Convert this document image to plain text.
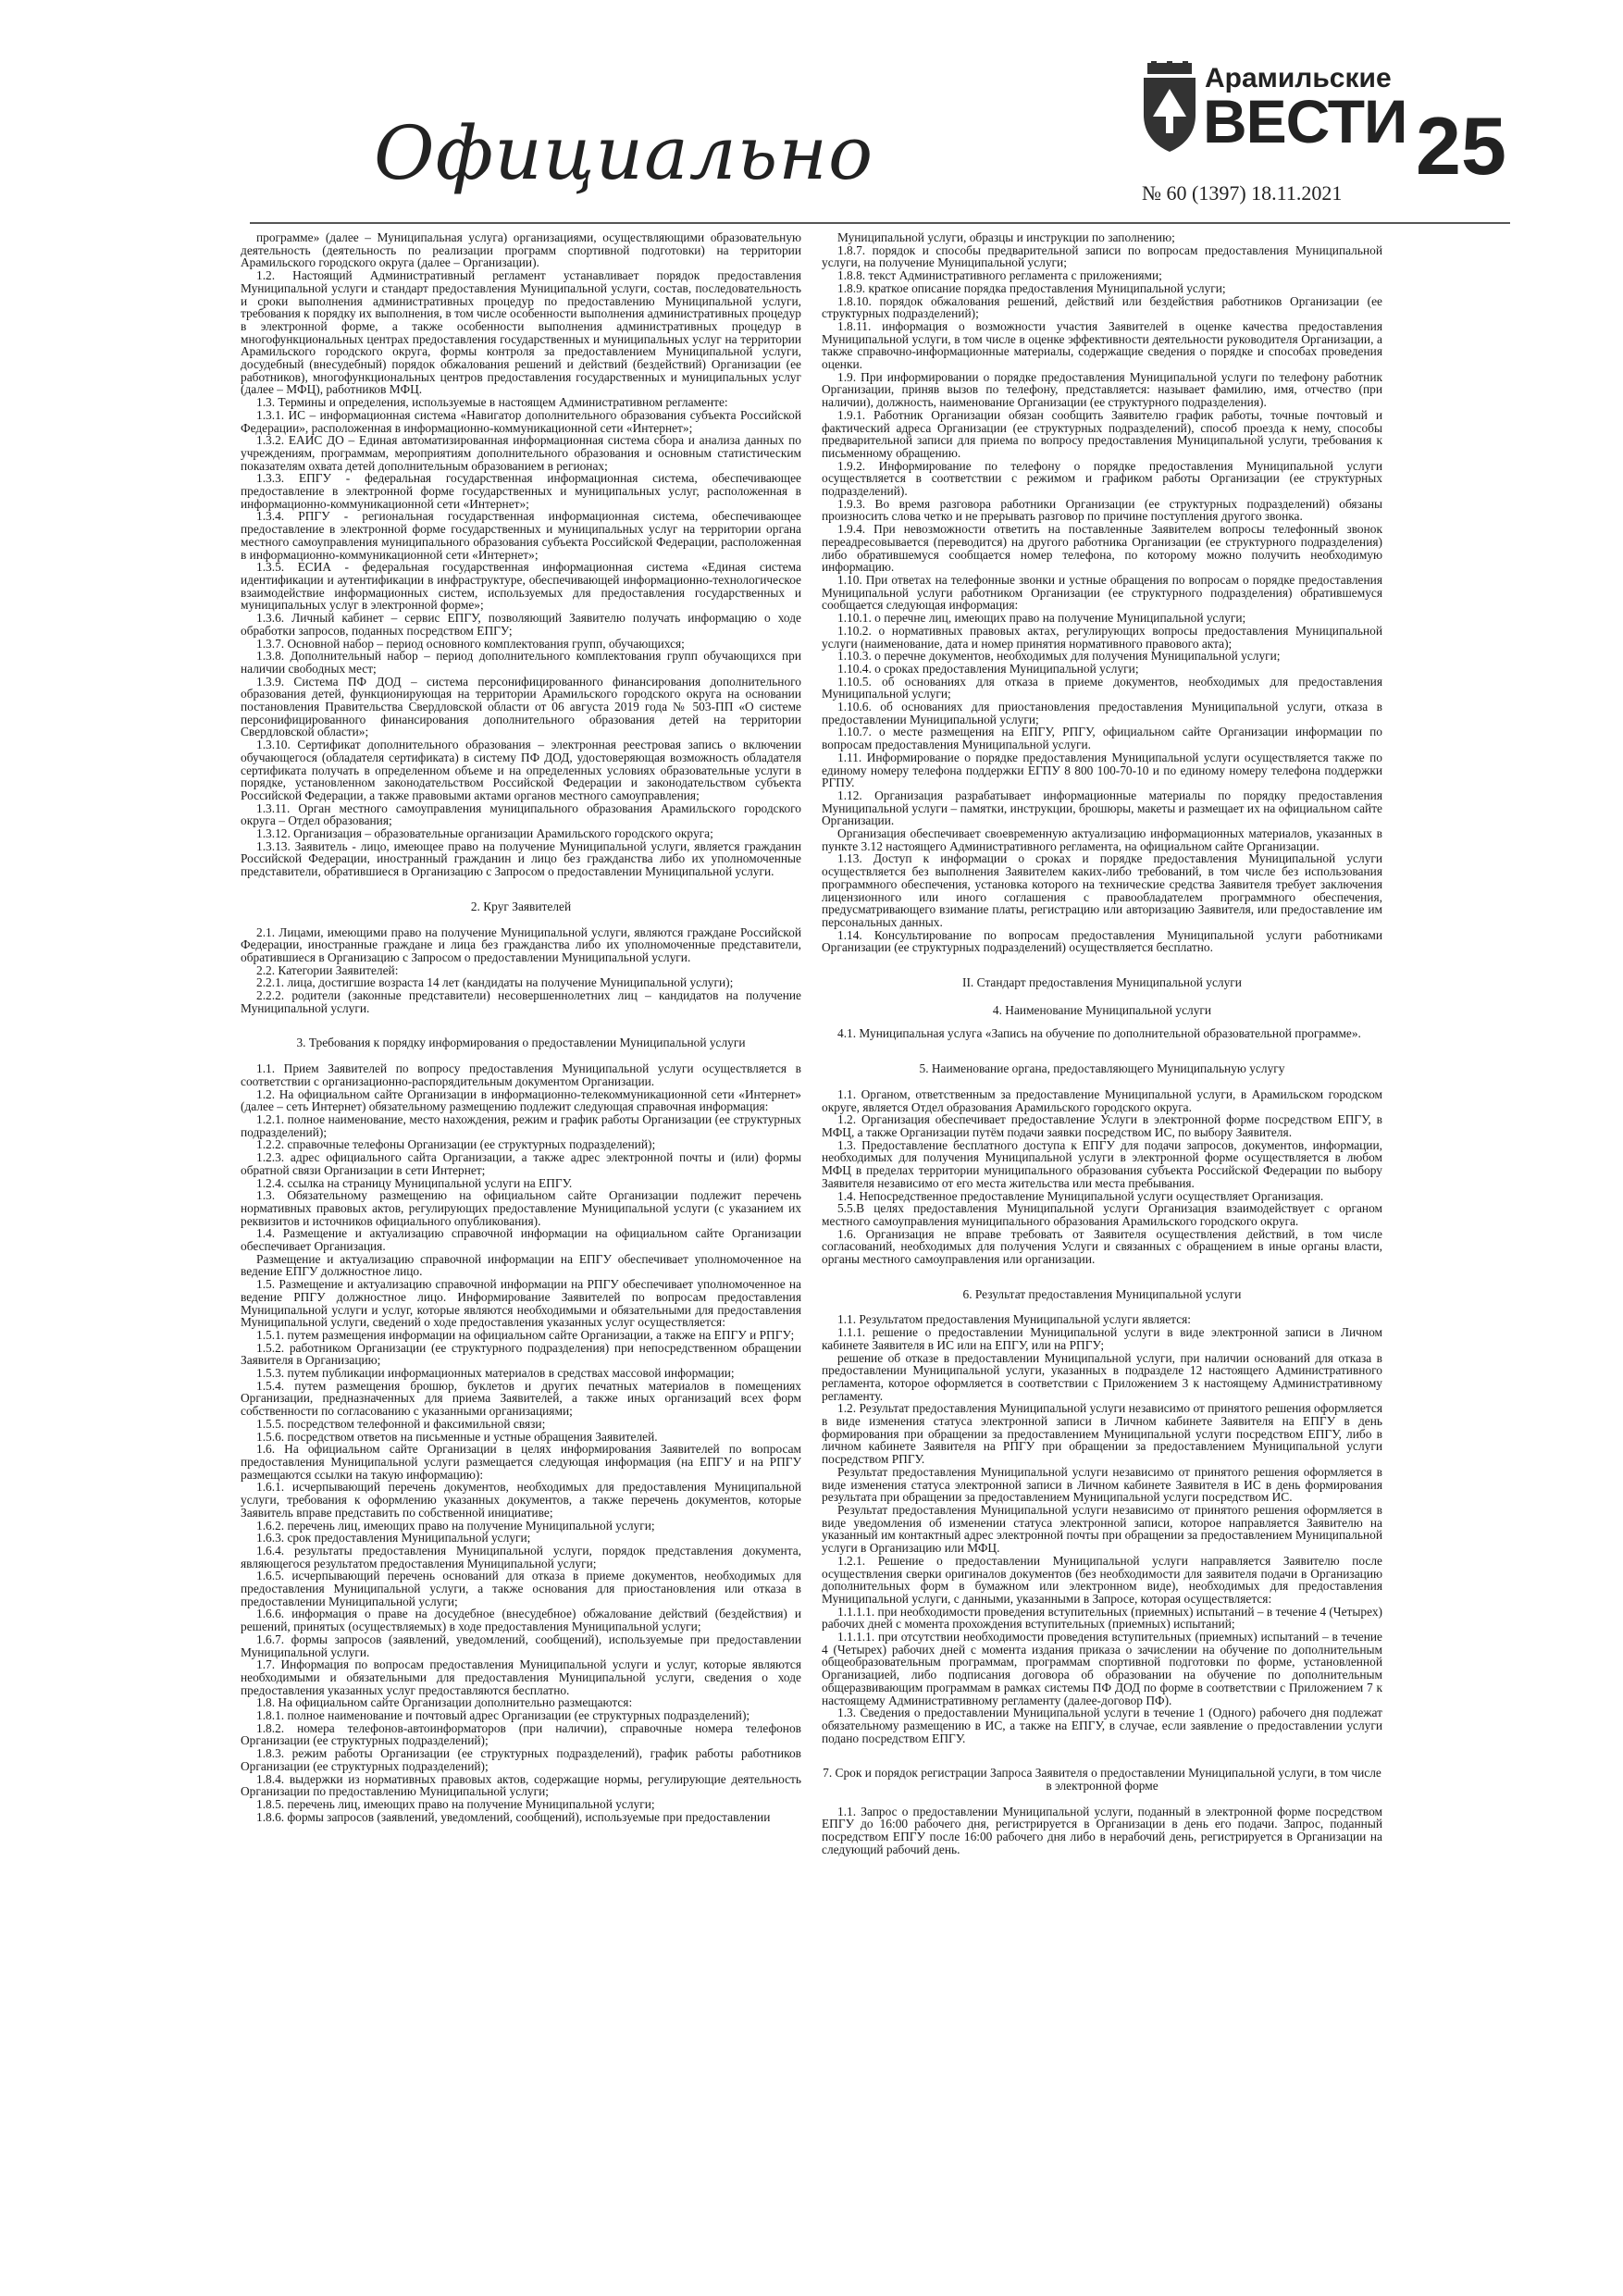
Официально
Арамильские
ВЕСТИ
№ 60 (1397) 18.11.2021
25

программе» (далее – Муниципальная услуга) организациями, осуществляющими образовательную деятельность (деятельность по реализации программ спортивной подготовки) на территории Арамильского городского округа (далее – Организации).

1.2. Настоящий Административный регламент устанавливает порядок предоставления Муниципальной услуги и стандарт предоставления Муниципальной услуги, состав, последовательность и сроки выполнения административных процедур по предоставлению Муниципальной услуги, требования к порядку их выполнения, в том числе особенности выполнения административных процедур в электронной форме, а также особенности выполнения административных процедур в многофункциональных центрах предоставления государственных и муниципальных услуг на территории Арамильского городского округа, формы контроля за предоставлением Муниципальной услуги, досудебный (внесудебный) порядок обжалования решений и действий (бездействий) Организации (ее работников), многофункциональных центров предоставления государственных и муниципальных услуг (далее – МФЦ), работников МФЦ.

1.3. Термины и определения, используемые в настоящем Административном регламенте:

1.3.1. ИС – информационная система «Навигатор дополнительного образования субъекта Российской Федерации», расположенная в информационно-коммуникационной сети «Интернет»;

1.3.2. ЕАИС ДО – Единая автоматизированная информационная система сбора и анализа данных по учреждениям, программам, мероприятиям дополнительного образования и основным статистическим показателям охвата детей дополнительным образованием в регионах;

1.3.3. ЕПГУ - федеральная государственная информационная система, обеспечивающее предоставление в электронной форме государственных и муниципальных услуг, расположенная в информационно-коммуникационной сети «Интернет»;

1.3.4. РПГУ - региональная государственная информационная система, обеспечивающее предоставление в электронной форме государственных и муниципальных услуг на территории органа местного самоуправления муниципального образования субъекта Российской Федерации, расположенная в информационно-коммуникационной сети «Интернет»;

1.3.5. ЕСИА - федеральная государственная информационная система «Единая система идентификации и аутентификации в инфраструктуре, обеспечивающей информационно-технологическое взаимодействие информационных систем, используемых для предоставления государственных и муниципальных услуг в электронной форме»;

1.3.6. Личный кабинет – сервис ЕПГУ, позволяющий Заявителю получать информацию о ходе обработки запросов, поданных посредством ЕПГУ;

1.3.7. Основной набор – период основного комплектования групп, обучающихся;

1.3.8. Дополнительный набор – период дополнительного комплектования групп обучающихся при наличии свободных мест;

1.3.9. Система ПФ ДОД – система персонифицированного финансирования дополнительного образования детей, функционирующая на территории Арамильского городского округа на основании постановления Правительства Свердловской области от 06 августа 2019 года № 503-ПП «О системе персонифицированного финансирования дополнительного образования детей на территории Свердловской области»;

1.3.10. Сертификат дополнительного образования – электронная реестровая запись о включении обучающегося (обладателя сертификата) в систему ПФ ДОД, удостоверяющая возможность обладателя сертификата получать в определенном объеме и на определенных условиях образовательные услуги в порядке, установленном законодательством Российской Федерации и законодательством субъекта Российской Федерации, а также правовыми актами органов местного самоуправления;

1.3.11. Орган местного самоуправления муниципального образования Арамильского городского округа – Отдел образования;

1.3.12. Организация – образовательные организации Арамильского городского округа;

1.3.13. Заявитель - лицо, имеющее право на получение Муниципальной услуги, является гражданин Российской Федерации, иностранный гражданин и лицо без гражданства либо их уполномоченные представители, обратившиеся в Организацию с Запросом о предоставлении Муниципальной услуги.

2. Круг Заявителей

2.1. Лицами, имеющими право на получение Муниципальной услуги, являются граждане Российской Федерации, иностранные граждане и лица без гражданства либо их уполномоченные представители, обратившиеся в Организацию с Запросом о предоставлении Муниципальной услуги.

2.2. Категории Заявителей:

2.2.1. лица, достигшие возраста 14 лет (кандидаты на получение Муниципальной услуги);

2.2.2. родители (законные представители) несовершеннолетних лиц – кандидатов на получение Муниципальной услуги.

3. Требования к порядку информирования о предоставлении Муниципальной услуги

1.1. Прием Заявителей по вопросу предоставления Муниципальной услуги осуществляется в соответствии с организационно-распорядительным документом Организации.

1.2. На официальном сайте Организации в информационно-телекоммуникационной сети «Интернет» (далее – сеть Интернет) обязательному размещению подлежит следующая справочная информация:

1.2.1. полное наименование, место нахождения, режим и график работы Организации (ее структурных подразделений);

1.2.2. справочные телефоны Организации (ее структурных подразделений);

1.2.3. адрес официального сайта Организации, а также адрес электронной почты и (или) формы обратной связи Организации в сети Интернет;

1.2.4. ссылка на страницу Муниципальной услуги на ЕПГУ.

1.3. Обязательному размещению на официальном сайте Организации подлежит перечень нормативных правовых актов, регулирующих предоставление Муниципальной услуги (с указанием их реквизитов и источников официального опубликования).

1.4. Размещение и актуализацию справочной информации на официальном сайте Организации обеспечивает Организация.

Размещение и актуализацию справочной информации на ЕПГУ обеспечивает уполномоченное на ведение ЕПГУ должностное лицо.

1.5. Размещение и актуализацию справочной информации на РПГУ обеспечивает уполномоченное на ведение РПГУ должностное лицо. Информирование Заявителей по вопросам предоставления Муниципальной услуги и услуг, которые являются необходимыми и обязательными для предоставления Муниципальной услуги, сведений о ходе предоставления указанных услуг осуществляется:

1.5.1. путем размещения информации на официальном сайте Организации, а также на ЕПГУ и РПГУ;

1.5.2. работником Организации (ее структурного подразделения) при непосредственном обращении Заявителя в Организацию;

1.5.3. путем публикации информационных материалов в средствах массовой информации;

1.5.4. путем размещения брошюр, буклетов и других печатных материалов в помещениях Организации, предназначенных для приема Заявителей, а также иных организаций всех форм собственности по согласованию с указанными организациями;

1.5.5. посредством телефонной и факсимильной связи;

1.5.6. посредством ответов на письменные и устные обращения Заявителей.

1.6. На официальном сайте Организации в целях информирования Заявителей по вопросам предоставления Муниципальной услуги размещается следующая информация (на ЕПГУ и на РПГУ размещаются ссылки на такую информацию):

1.6.1. исчерпывающий перечень документов, необходимых для предоставления Муниципальной услуги, требования к оформлению указанных документов, а также перечень документов, которые Заявитель вправе представить по собственной инициативе;

1.6.2. перечень лиц, имеющих право на получение Муниципальной услуги;

1.6.3. срок предоставления Муниципальной услуги;

1.6.4. результаты предоставления Муниципальной услуги, порядок представления документа, являющегося результатом предоставления Муниципальной услуги;

1.6.5. исчерпывающий перечень оснований для отказа в приеме документов, необходимых для предоставления Муниципальной услуги, а также основания для приостановления или отказа в предоставлении Муниципальной услуги;

1.6.6. информация о праве на досудебное (внесудебное) обжалование действий (бездействия) и решений, принятых (осуществляемых) в ходе предоставления Муниципальной услуги;

1.6.7. формы запросов (заявлений, уведомлений, сообщений), используемые при предоставлении Муниципальной услуги.

1.7. Информация по вопросам предоставления Муниципальной услуги и услуг, которые являются необходимыми и обязательными для предоставления Муниципальной услуги, сведения о ходе предоставления указанных услуг предоставляются бесплатно.

1.8. На официальном сайте Организации дополнительно размещаются:

1.8.1. полное наименование и почтовый адрес Организации (ее структурных подразделений);

1.8.2. номера телефонов-автоинформаторов (при наличии), справочные номера телефонов Организации (ее структурных подразделений);

1.8.3. режим работы Организации (ее структурных подразделений), график работы работников Организации (ее структурных подразделений);

1.8.4. выдержки из нормативных правовых актов, содержащие нормы, регулирующие деятельность Организации по предоставлению Муниципальной услуги;

1.8.5. перечень лиц, имеющих право на получение Муниципальной услуги;

1.8.6. формы запросов (заявлений, уведомлений, сообщений), используемые при предоставлении

Муниципальной услуги, образцы и инструкции по заполнению;

1.8.7. порядок и способы предварительной записи по вопросам предоставления Муниципальной услуги, на получение Муниципальной услуги;

1.8.8. текст Административного регламента с приложениями;

1.8.9. краткое описание порядка предоставления Муниципальной услуги;

1.8.10. порядок обжалования решений, действий или бездействия работников Организации (ее структурных подразделений);

1.8.11. информация о возможности участия Заявителей в оценке качества предоставления Муниципальной услуги, в том числе в оценке эффективности деятельности руководителя Организации, а также справочно-информационные материалы, содержащие сведения о порядке и способах проведения оценки.

1.9. При информировании о порядке предоставления Муниципальной услуги по телефону работник Организации, приняв вызов по телефону, представляется: называет фамилию, имя, отчество (при наличии), должность, наименование Организации (ее структурного подразделения).

1.9.1. Работник Организации обязан сообщить Заявителю график работы, точные почтовый и фактический адреса Организации (ее структурных подразделений), способ проезда к нему, способы предварительной записи для приема по вопросу предоставления Муниципальной услуги, требования к письменному обращению.

1.9.2. Информирование по телефону о порядке предоставления Муниципальной услуги осуществляется в соответствии с режимом и графиком работы Организации (ее структурных подразделений).

1.9.3. Во время разговора работники Организации (ее структурных подразделений) обязаны произносить слова четко и не прерывать разговор по причине поступления другого звонка.

1.9.4. При невозможности ответить на поставленные Заявителем вопросы телефонный звонок переадресовывается (переводится) на другого работника Организации (ее структурного подразделения) либо обратившемуся сообщается номер телефона, по которому можно получить необходимую информацию.

1.10. При ответах на телефонные звонки и устные обращения по вопросам о порядке предоставления Муниципальной услуги работником Организации (ее структурного подразделения) обратившемуся сообщается следующая информация:

1.10.1. о перечне лиц, имеющих право на получение Муниципальной услуги;

1.10.2. о нормативных правовых актах, регулирующих вопросы предоставления Муниципальной услуги (наименование, дата и номер принятия нормативного правового акта);

1.10.3. о перечне документов, необходимых для получения Муниципальной услуги;

1.10.4. о сроках предоставления Муниципальной услуги;

1.10.5. об основаниях для отказа в приеме документов, необходимых для предоставления Муниципальной услуги;

1.10.6. об основаниях для приостановления предоставления Муниципальной услуги, отказа в предоставлении Муниципальной услуги;

1.10.7. о месте размещения на ЕПГУ, РПГУ, официальном сайте Организации информации по вопросам предоставления Муниципальной услуги.

1.11. Информирование о порядке предоставления Муниципальной услуги осуществляется также по единому номеру телефона поддержки ЕГПУ 8 800 100-70-10 и по единому номеру телефона поддержки РГПУ.

1.12. Организация разрабатывает информационные материалы по порядку предоставления Муниципальной услуги – памятки, инструкции, брошюры, макеты и размещает их на официальном сайте Организации.

Организация обеспечивает своевременную актуализацию информационных материалов, указанных в пункте 3.12 настоящего Административного регламента, на официальном сайте Организации.

1.13. Доступ к информации о сроках и порядке предоставления Муниципальной услуги осуществляется без выполнения Заявителем каких-либо требований, в том числе без использования программного обеспечения, установка которого на технические средства Заявителя требует заключения лицензионного или иного соглашения с правообладателем программного обеспечения, предусматривающего взимание платы, регистрацию или авторизацию Заявителя, или предоставление им персональных данных.

1.14. Консультирование по вопросам предоставления Муниципальной услуги работниками Организации (ее структурных подразделений) осуществляется бесплатно.

II. Стандарт предоставления Муниципальной услуги

4. Наименование Муниципальной услуги

4.1. Муниципальная услуга «Запись на обучение по дополнительной образовательной программе».

5. Наименование органа, предоставляющего Муниципальную услугу

1.1. Органом, ответственным за предоставление Муниципальной услуги, в Арамильском городском округе, является Отдел образования Арамильского городского округа.

1.2. Организация обеспечивает предоставление Услуги в электронной форме посредством ЕПГУ, в МФЦ, а также Организации путём подачи заявки посредством ИС, по выбору Заявителя.

1.3. Предоставление бесплатного доступа к ЕПГУ для подачи запросов, документов, информации, необходимых для получения Муниципальной услуги в электронной форме осуществляется в любом МФЦ в пределах территории муниципального образования субъекта Российской Федерации по выбору Заявителя независимо от его места жительства или места пребывания.

1.4. Непосредственное предоставление Муниципальной услуги осуществляет Организация.

5.5.В целях предоставления Муниципальной услуги Организация взаимодействует с органом местного самоуправления муниципального образования Арамильского городского округа.

1.6. Организация не вправе требовать от Заявителя осуществления действий, в том числе согласований, необходимых для получения Услуги и связанных с обращением в иные органы власти, органы местного самоуправления или организации.

6. Результат предоставления Муниципальной услуги

1.1. Результатом предоставления Муниципальной услуги является:

1.1.1. решение о предоставлении Муниципальной услуги в виде электронной записи в Личном кабинете Заявителя в ИС или на ЕПГУ, или на РПГУ;

решение об отказе в предоставлении Муниципальной услуги, при наличии оснований для отказа в предоставлении Муниципальной услуги, указанных в подразделе 12 настоящего Административного регламента, которое оформляется в соответствии с Приложением 3 к настоящему Административному регламенту.

1.2. Результат предоставления Муниципальной услуги независимо от принятого решения оформляется в виде изменения статуса электронной записи в Личном кабинете Заявителя на ЕПГУ в день формирования при обращении за предоставлением Муниципальной услуги посредством ЕПГУ, либо в личном кабинете Заявителя на РПГУ при обращении за предоставлением Муниципальной услуги посредством РПГУ.

Результат предоставления Муниципальной услуги независимо от принятого решения оформляется в виде изменения статуса электронной записи в Личном кабинете Заявителя в ИС в день формирования результата при обращении за предоставлением Муниципальной услуги посредством ИС.

Результат предоставления Муниципальной услуги независимо от принятого решения оформляется в виде уведомления об изменении статуса электронной записи, которое направляется Заявителю на указанный им контактный адрес электронной почты при обращении за предоставлением Муниципальной услуги в Организацию или МФЦ.

1.2.1. Решение о предоставлении Муниципальной услуги направляется Заявителю после осуществления сверки оригиналов документов (без необходимости для заявителя подачи в Организацию дополнительных форм в бумажном или электронном виде), необходимых для предоставления Муниципальной услуги, с данными, указанными в Запросе, которая осуществляется:

1.1.1.1. при необходимости проведения вступительных (приемных) испытаний – в течение 4 (Четырех) рабочих дней с момента прохождения вступительных (приемных) испытаний;

1.1.1.1. при отсутствии необходимости проведения вступительных (приемных) испытаний – в течение 4 (Четырех) рабочих дней с момента издания приказа о зачислении на обучение по дополнительным общеобразовательным программам, программам спортивной подготовки по форме, установленной Организацией, либо подписания договора об образовании на обучение по дополнительным общеразвивающим программам в рамках системы ПФ ДОД по форме в соответствии с Приложением 7 к настоящему Административному регламенту (далее-договор ПФ).

1.3. Сведения о предоставлении Муниципальной услуги в течение 1 (Одного) рабочего дня подлежат обязательному размещению в ИС, а также на ЕПГУ, в случае, если заявление о предоставлении услуги подано посредством ЕПГУ.

7. Срок и порядок регистрации Запроса Заявителя о предоставлении Муниципальной услуги, в том числе в электронной форме

1.1. Запрос о предоставлении Муниципальной услуги, поданный в электронной форме посредством ЕПГУ до 16:00 рабочего дня, регистрируется в Организации в день его подачи. Запрос, поданный посредством ЕПГУ после 16:00 рабочего дня либо в нерабочий день, регистрируется в Организации на следующий рабочий день.
